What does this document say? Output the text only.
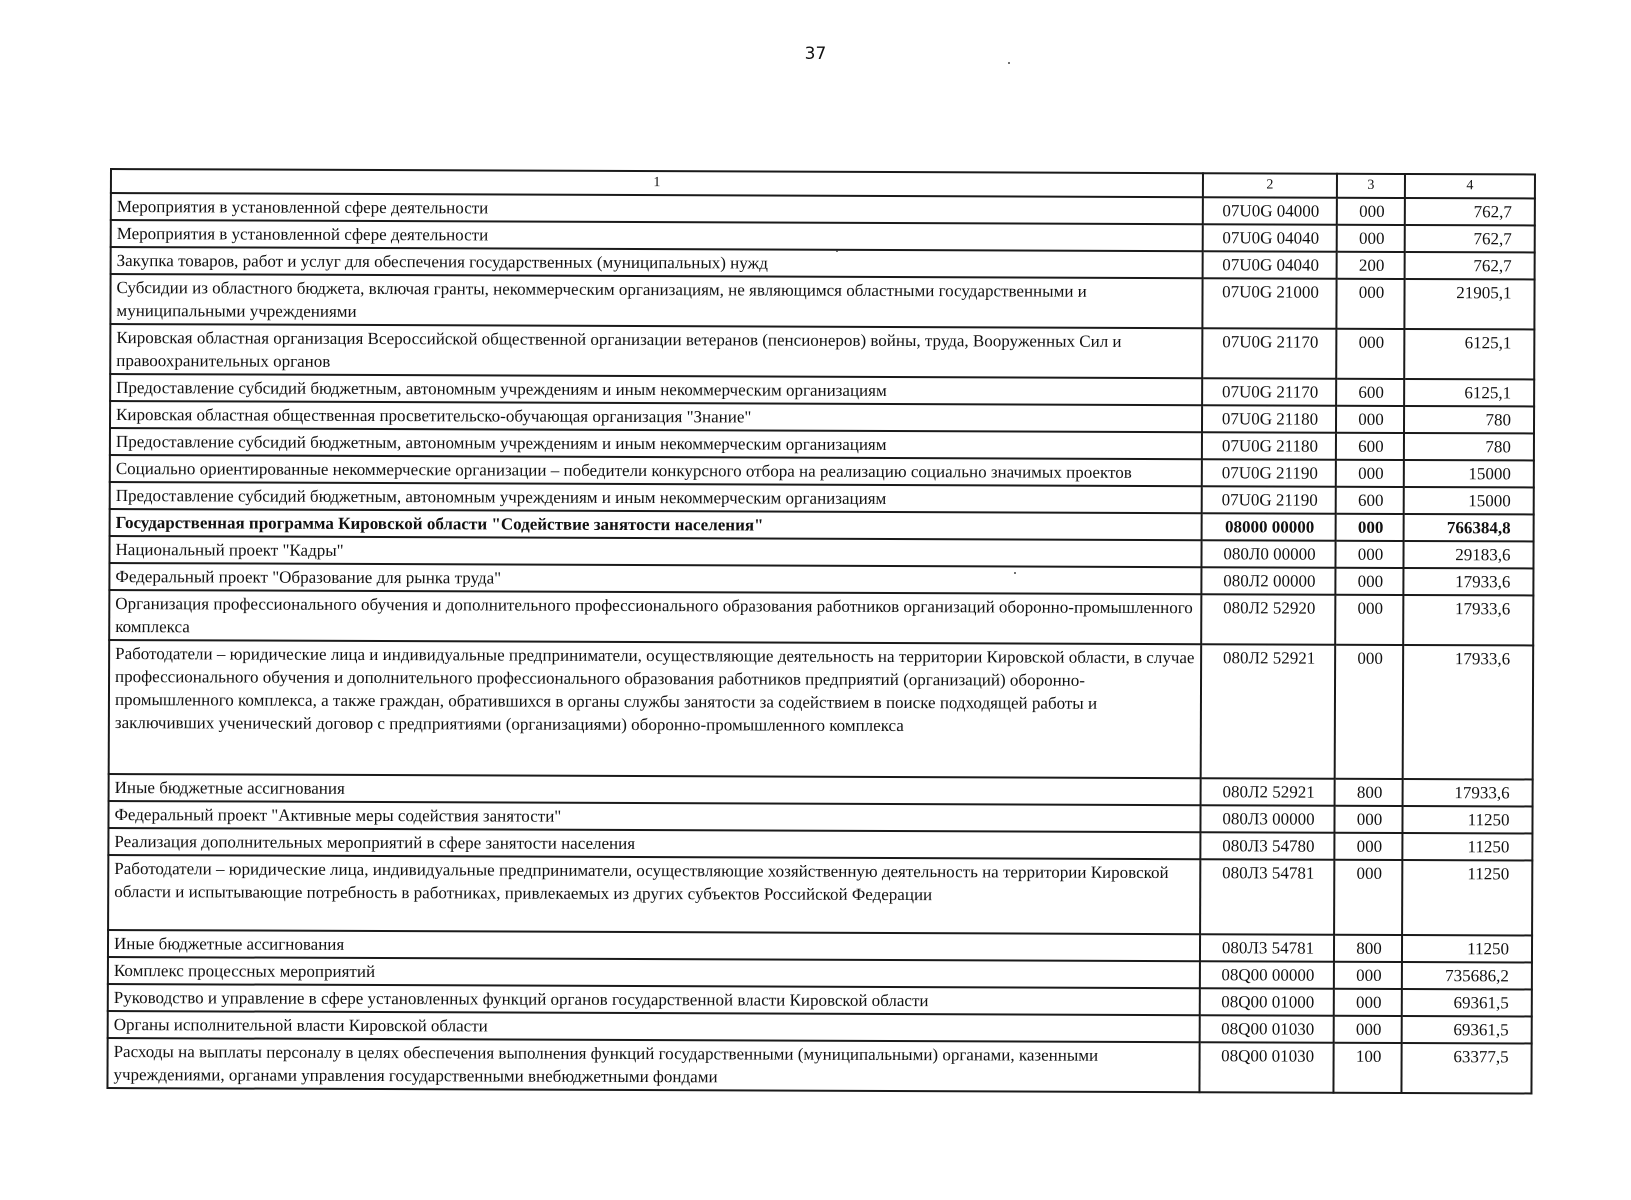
37
1	2	3	4
Мероприятия в установленной сфере деятельности	07U0G 04000	000	762,7
Мероприятия в установленной сфере деятельности	07U0G 04040	000	762,7
Закупка товаров, работ и услуг для обеспечения государственных (муниципальных) нужд	07U0G 04040	200	762,7
Субсидии из областного бюджета, включая гранты, некоммерческим организациям, не являющимся областными государственными и муниципальными учреждениями	07U0G 21000	000	21905,1
Кировская областная организация Всероссийской общественной организации ветеранов (пенсионеров) войны, труда, Вооруженных Сил и правоохранительных органов	07U0G 21170	000	6125,1
Предоставление субсидий бюджетным, автономным учреждениям и иным некоммерческим организациям	07U0G 21170	600	6125,1
Кировская областная общественная просветительско-обучающая организация "Знание"	07U0G 21180	000	780
Предоставление субсидий бюджетным, автономным учреждениям и иным некоммерческим организациям	07U0G 21180	600	780
Социально ориентированные некоммерческие организации – победители конкурсного отбора на реализацию социально значимых проектов	07U0G 21190	000	15000
Предоставление субсидий бюджетным, автономным учреждениям и иным некоммерческим организациям	07U0G 21190	600	15000
Государственная программа Кировской области "Содействие занятости населения"	08000 00000	000	766384,8
Национальный проект "Кадры"	080Л0 00000	000	29183,6
Федеральный проект "Образование для рынка труда"	080Л2 00000	000	17933,6
Организация профессионального обучения и дополнительного профессионального образования работников организаций оборонно-промышленного комплекса	080Л2 52920	000	17933,6
Работодатели – юридические лица и индивидуальные предприниматели, осуществляющие деятельность на территории Кировской области, в случае профессионального обучения и дополнительного профессионального образования работников предприятий (организаций) оборонно-промышленного комплекса, а также граждан, обратившихся в органы службы занятости за содействием в поиске подходящей работы и заключивших ученический договор с предприятиями (организациями) оборонно-промышленного комплекса	080Л2 52921	000	17933,6
Иные бюджетные ассигнования	080Л2 52921	800	17933,6
Федеральный проект "Активные меры содействия занятости"	080Л3 00000	000	11250
Реализация дополнительных мероприятий в сфере занятости населения	080Л3 54780	000	11250
Работодатели – юридические лица, индивидуальные предприниматели, осуществляющие хозяйственную деятельность на территории Кировской области и испытывающие потребность в работниках, привлекаемых из других субъектов Российской Федерации	080Л3 54781	000	11250
Иные бюджетные ассигнования	080Л3 54781	800	11250
Комплекс процессных мероприятий	08Q00 00000	000	735686,2
Руководство и управление в сфере установленных функций органов государственной власти Кировской области	08Q00 01000	000	69361,5
Органы исполнительной власти Кировской области	08Q00 01030	000	69361,5
Расходы на выплаты персоналу в целях обеспечения выполнения функций государственными (муниципальными) органами, казенными учреждениями, органами управления государственными внебюджетными фондами	08Q00 01030	100	63377,5
